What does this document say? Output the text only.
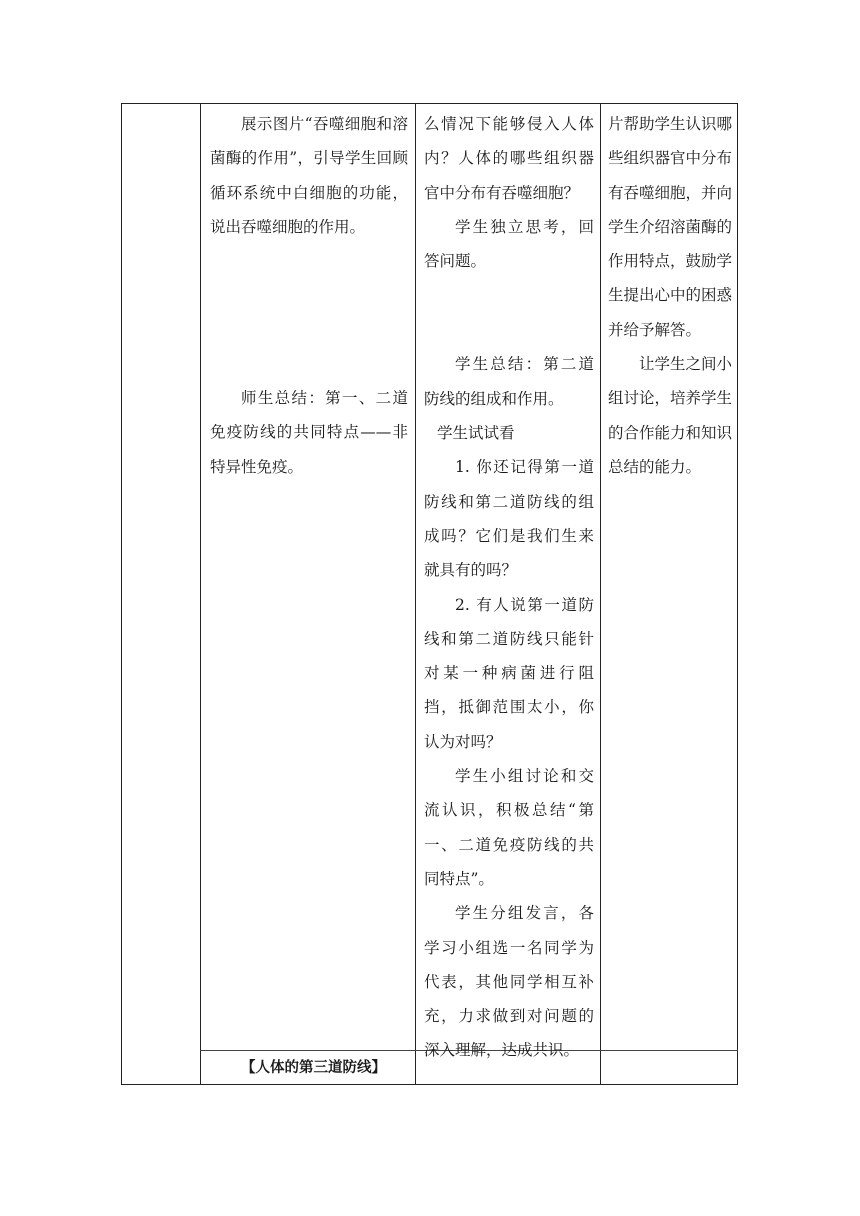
展示图片“吞噬细胞和溶菌酶的作用”，引导学生回顾循环系统中白细胞的功能，说出吞噬细胞的作用。

师生总结：第一、二道免疫防线的共同特点——非特异性免疫。

【人体的第三道防线】

么情况下能够侵入人体内？人体的哪些组织器官中分布有吞噬细胞？

学生独立思考，回答问题。

学生总结：第二道防线的组成和作用。

学生试试看

1. 你还记得第一道防线和第二道防线的组成吗？它们是我们生来就具有的吗？

2. 有人说第一道防线和第二道防线只能针对某一种病菌进行阻挡，抵御范围太小，你认为对吗？

学生小组讨论和交流认识，积极总结“第一、二道免疫防线的共同特点”。

学生分组发言，各学习小组选一名同学为代表，其他同学相互补充，力求做到对问题的深入理解，达成共识。

片帮助学生认识哪些组织器官中分布有吞噬细胞，并向学生介绍溶菌酶的作用特点，鼓励学生提出心中的困惑并给予解答。

让学生之间小组讨论，培养学生的合作能力和知识总结的能力。
